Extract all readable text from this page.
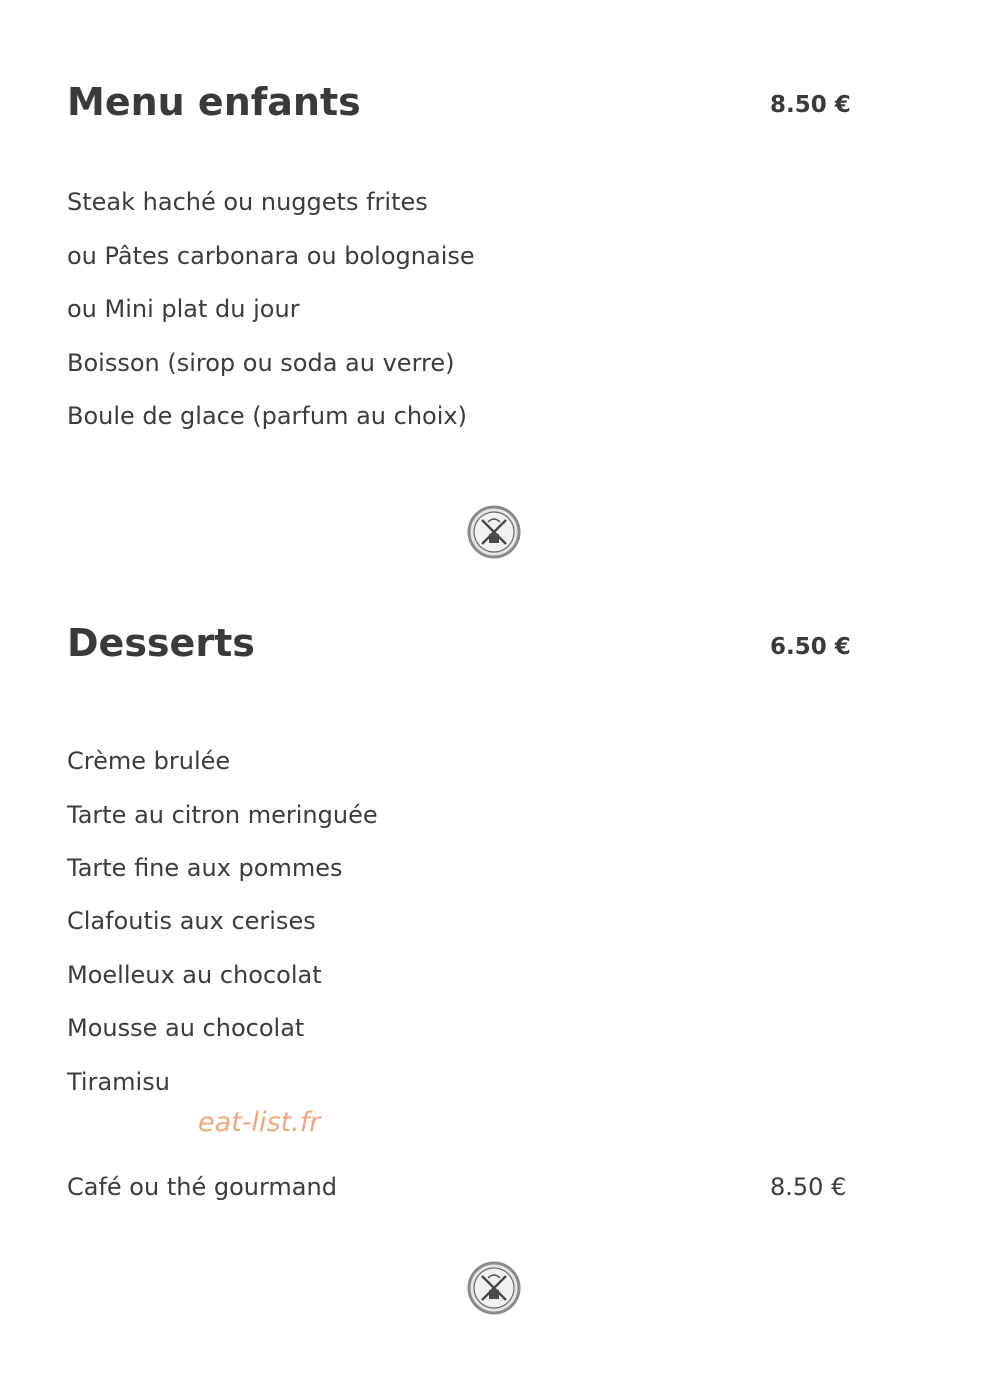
Menu enfants	8.50 €
Steak haché ou nuggets frites
ou Pâtes carbonara ou bolognaise
ou Mini plat du jour
Boisson (sirop ou soda au verre)
Boule de glace (parfum au choix)
Desserts	6.50 €
Crème brulée
Tarte au citron meringuée
Tarte fine aux pommes
Clafoutis aux cerises
Moelleux au chocolat
Mousse au chocolat
Tiramisu
eat-list.fr
Café ou thé gourmand	8.50 €
